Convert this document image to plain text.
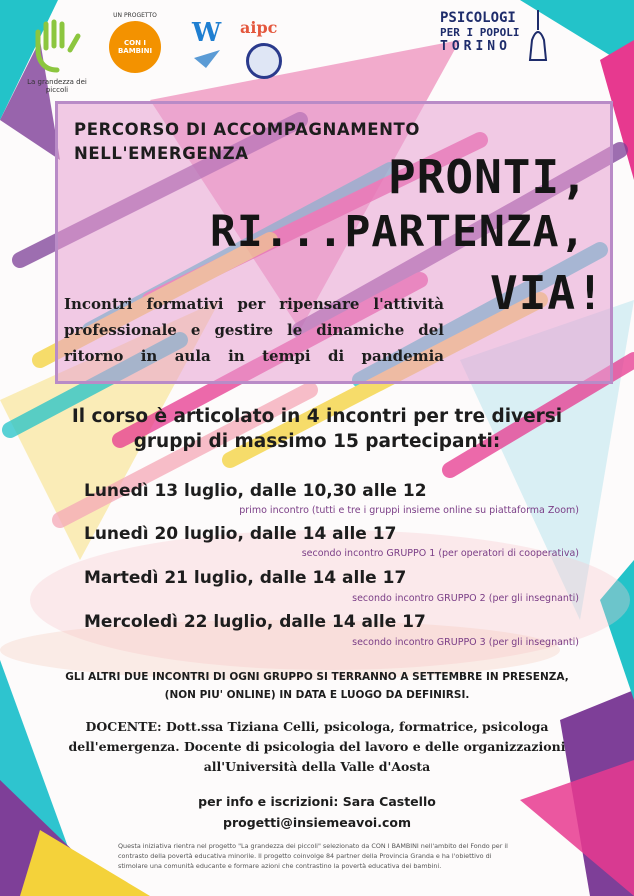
La grandezza dei piccoli
UN PROGETTO
CON I BAMBINI
W aipc	PSICOLOGI
PER I POPOLI
TORINO
PERCORSO DI ACCOMPAGNAMENTO
NELL'EMERGENZA	PRONTI,
RI...PARTENZA,
VIA!
Incontri formativi per ripensare l'attività professionale e gestire le dinamiche del ritorno in aula in tempi di pandemia
Il corso è articolato in 4 incontri per tre diversi
gruppi di massimo 15 partecipanti:
Lunedì 13 luglio, dalle 10,30 alle 12
primo incontro (tutti e tre i gruppi insieme online su piattaforma Zoom)
Lunedì 20 luglio, dalle 14 alle 17
secondo incontro GRUPPO 1 (per operatori di cooperativa)
Martedì 21 luglio, dalle 14 alle 17
secondo incontro GRUPPO 2 (per gli insegnanti)
Mercoledì 22 luglio, dalle 14 alle 17
secondo incontro GRUPPO 3 (per gli insegnanti)
GLI ALTRI DUE INCONTRI DI OGNI GRUPPO SI TERRANNO A SETTEMBRE IN PRESENZA,
(NON PIU' ONLINE) IN DATA E LUOGO DA DEFINIRSI.
DOCENTE: Dott.ssa Tiziana Celli, psicologa, formatrice, psicologa
dell'emergenza. Docente di psicologia del lavoro e delle organizzazioni
all'Università della Valle d'Aosta
per info e iscrizioni: Sara Castello
progetti@insiemeavoi.com
Questa iniziativa rientra nel progetto "La grandezza dei piccoli" selezionato da CON I BAMBINI nell'ambito del Fondo per il contrasto della povertà educativa minorile. Il progetto coinvolge 84 partner della Provincia Granda e ha l'obiettivo di stimolare una comunità educante e formare azioni che contrastino la povertà educativa dei bambini.
